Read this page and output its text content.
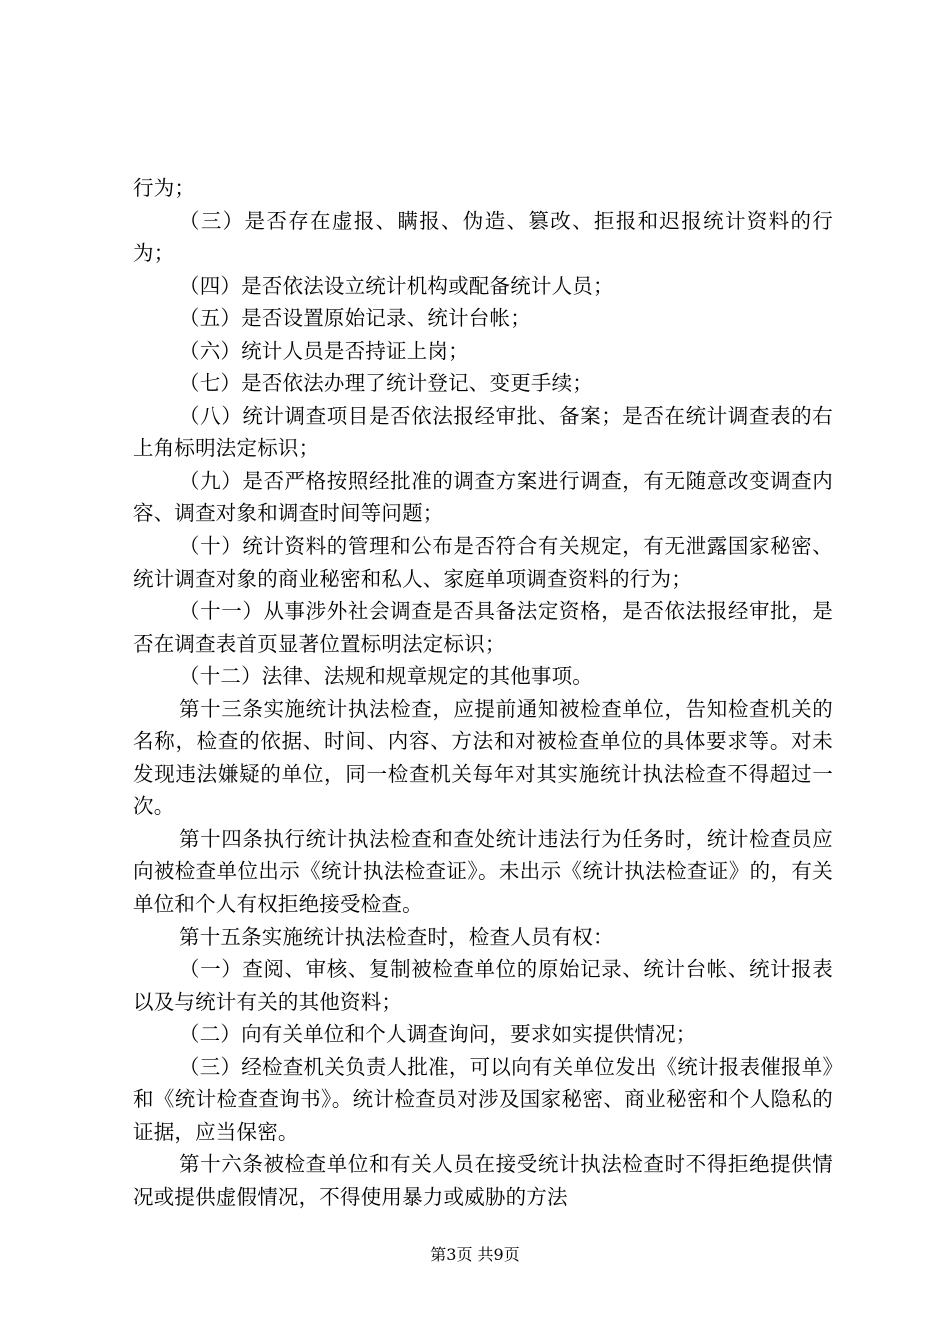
行为；

（三）是否存在虚报、瞒报、伪造、篡改、拒报和迟报统计资料的行为；

（四）是否依法设立统计机构或配备统计人员；

（五）是否设置原始记录、统计台帐；

（六）统计人员是否持证上岗；

（七）是否依法办理了统计登记、变更手续；

（八）统计调查项目是否依法报经审批、备案；是否在统计调查表的右上角标明法定标识；

（九）是否严格按照经批准的调查方案进行调查，有无随意改变调查内容、调查对象和调查时间等问题；

（十）统计资料的管理和公布是否符合有关规定，有无泄露国家秘密、统计调查对象的商业秘密和私人、家庭单项调查资料的行为；

（十一）从事涉外社会调查是否具备法定资格，是否依法报经审批，是否在调查表首页显著位置标明法定标识；

（十二）法律、法规和规章规定的其他事项。

第十三条实施统计执法检查，应提前通知被检查单位，告知检查机关的名称，检查的依据、时间、内容、方法和对被检查单位的具体要求等。对未发现违法嫌疑的单位，同一检查机关每年对其实施统计执法检查不得超过一次。

第十四条执行统计执法检查和查处统计违法行为任务时，统计检查员应向被检查单位出示《统计执法检查证》。未出示《统计执法检查证》的，有关单位和个人有权拒绝接受检查。

第十五条实施统计执法检查时，检查人员有权：

（一）查阅、审核、复制被检查单位的原始记录、统计台帐、统计报表以及与统计有关的其他资料；

（二）向有关单位和个人调查询问，要求如实提供情况；

（三）经检查机关负责人批准，可以向有关单位发出《统计报表催报单》和《统计检查查询书》。统计检查员对涉及国家秘密、商业秘密和个人隐私的证据，应当保密。

第十六条被检查单位和有关人员在接受统计执法检查时不得拒绝提供情况或提供虚假情况，不得使用暴力或威胁的方法

第3页 共9页
